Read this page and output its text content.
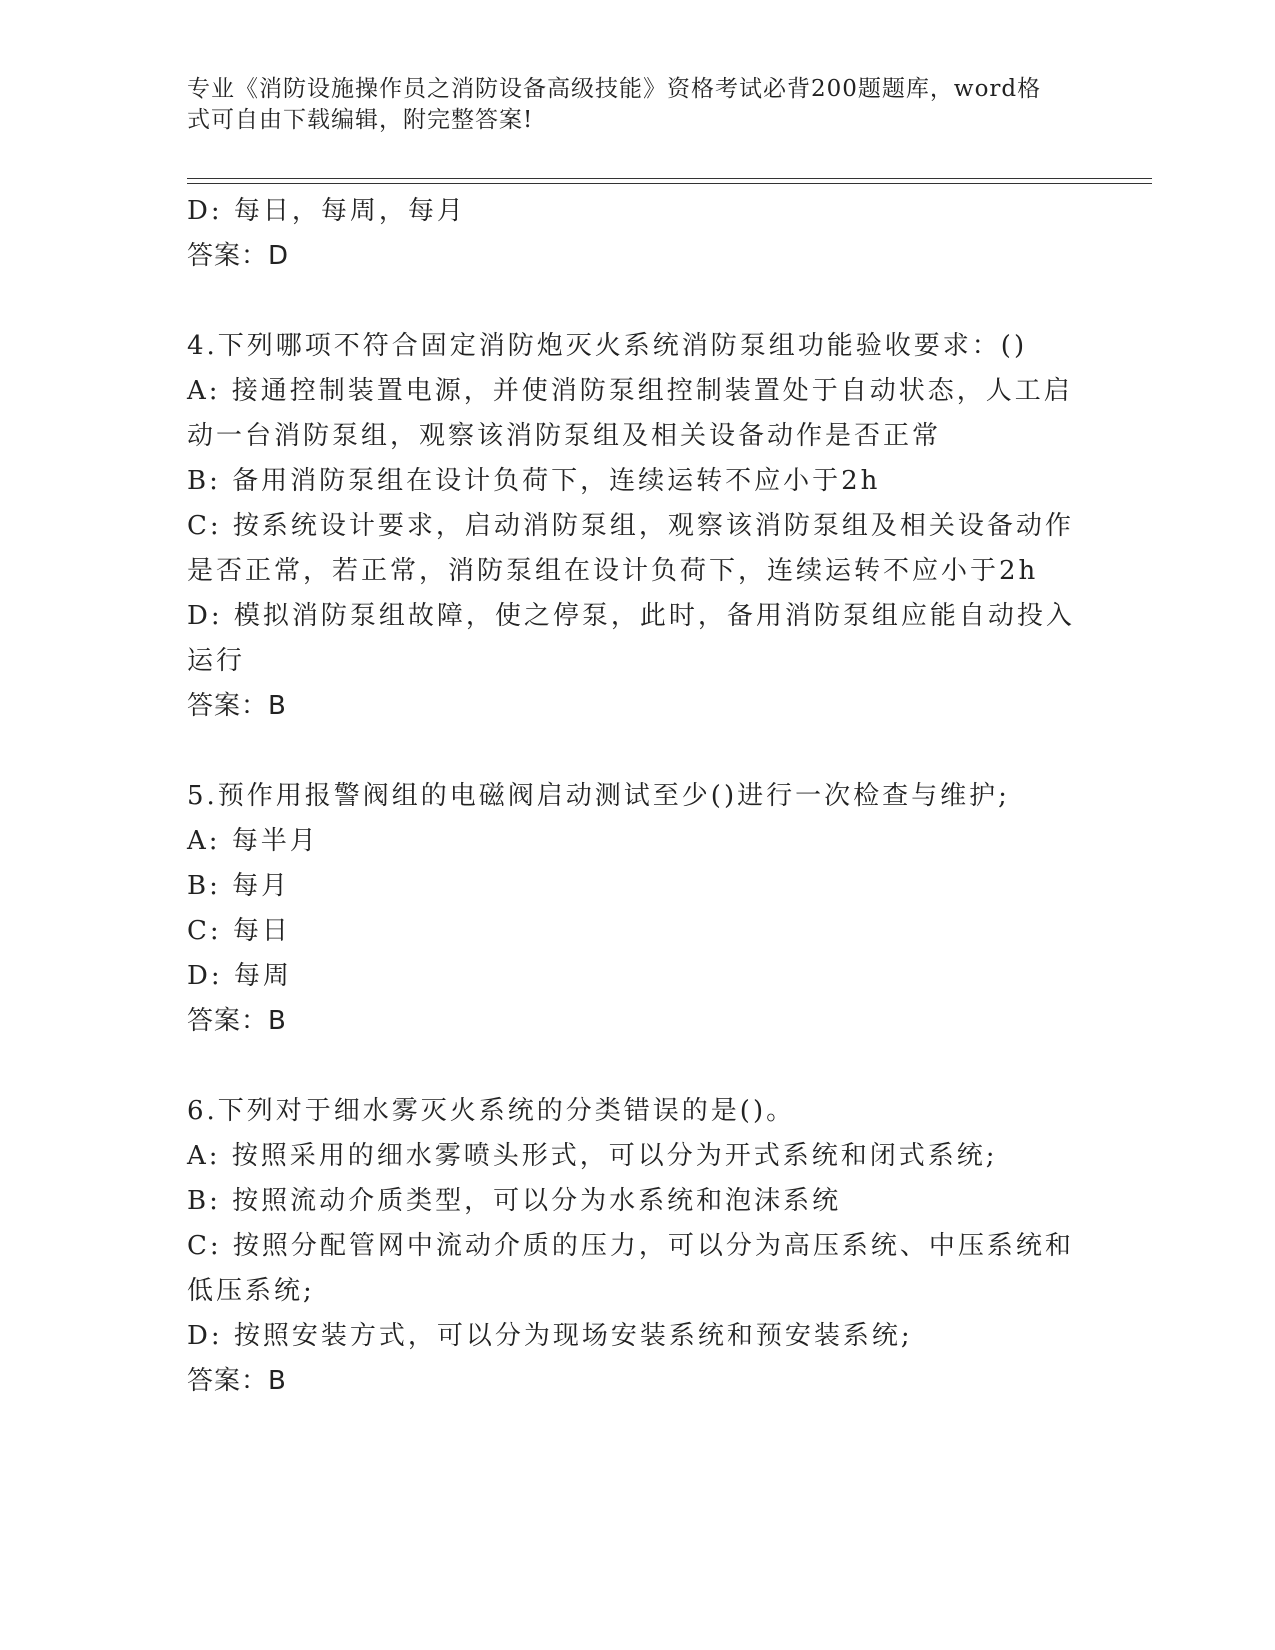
专业《消防设施操作员之消防设备高级技能》资格考试必背200题题库，word格
式可自由下载编辑，附完整答案!
D: 每日，每周，每月
答案：D
4.下列哪项不符合固定消防炮灭火系统消防泵组功能验收要求：()
A: 接通控制装置电源，并使消防泵组控制装置处于自动状态，人工启
动一台消防泵组，观察该消防泵组及相关设备动作是否正常
B: 备用消防泵组在设计负荷下，连续运转不应小于2h
C: 按系统设计要求，启动消防泵组，观察该消防泵组及相关设备动作
是否正常，若正常，消防泵组在设计负荷下，连续运转不应小于2h
D: 模拟消防泵组故障，使之停泵，此时，备用消防泵组应能自动投入
运行
答案：B
5.预作用报警阀组的电磁阀启动测试至少()进行一次检查与维护;
A: 每半月
B: 每月
C: 每日
D: 每周
答案：B
6.下列对于细水雾灭火系统的分类错误的是()。
A: 按照采用的细水雾喷头形式，可以分为开式系统和闭式系统;
B: 按照流动介质类型，可以分为水系统和泡沫系统
C: 按照分配管网中流动介质的压力，可以分为高压系统、中压系统和
低压系统;
D: 按照安装方式，可以分为现场安装系统和预安装系统;
答案：B
